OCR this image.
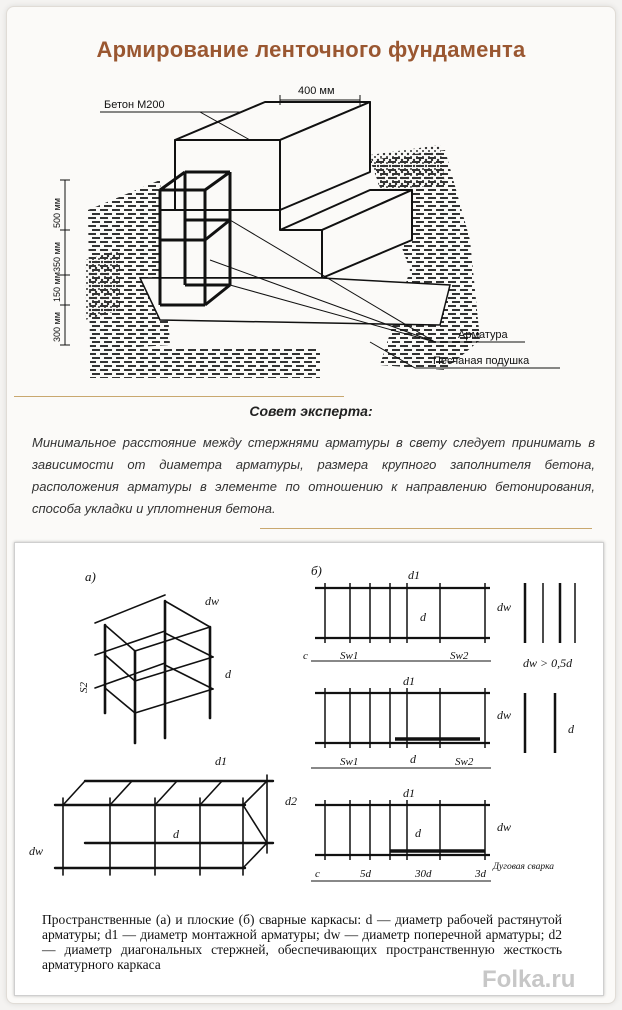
Армирование ленточного фундамента
Бетон М200
400 мм
Арматура
Песчаная подушка
500 мм
350 мм
150 мм
300 мм
Совет эксперта:
Минимальное расстояние между стержнями арматуры в свету следует принимать в зависимости от диаметра арматуры, размера крупного заполнителя бетона, расположения арматуры в элементе по отношению к направлению бетонирования, способа укладки и уплотнения бетона.
а)	б)
dw
d
S2
d1
d2
d
dw
d1
d
dw
c	Sw1	Sw2	dw > 0,5d
d1
dw
d
Sw1	Sw2
d
d1
d	dw
c	5d	30d	3d
Дуговая сварка
Пространственные (а) и плоские (б) сварные каркасы: d — диаметр рабочей растянутой арматуры; d1 — диаметр монтажной арматуры; dw — диаметр поперечной арматуры; d2 — диаметр диагональных стержней, обеспечивающих пространственную жесткость арматурного каркаса
Folka.ru
